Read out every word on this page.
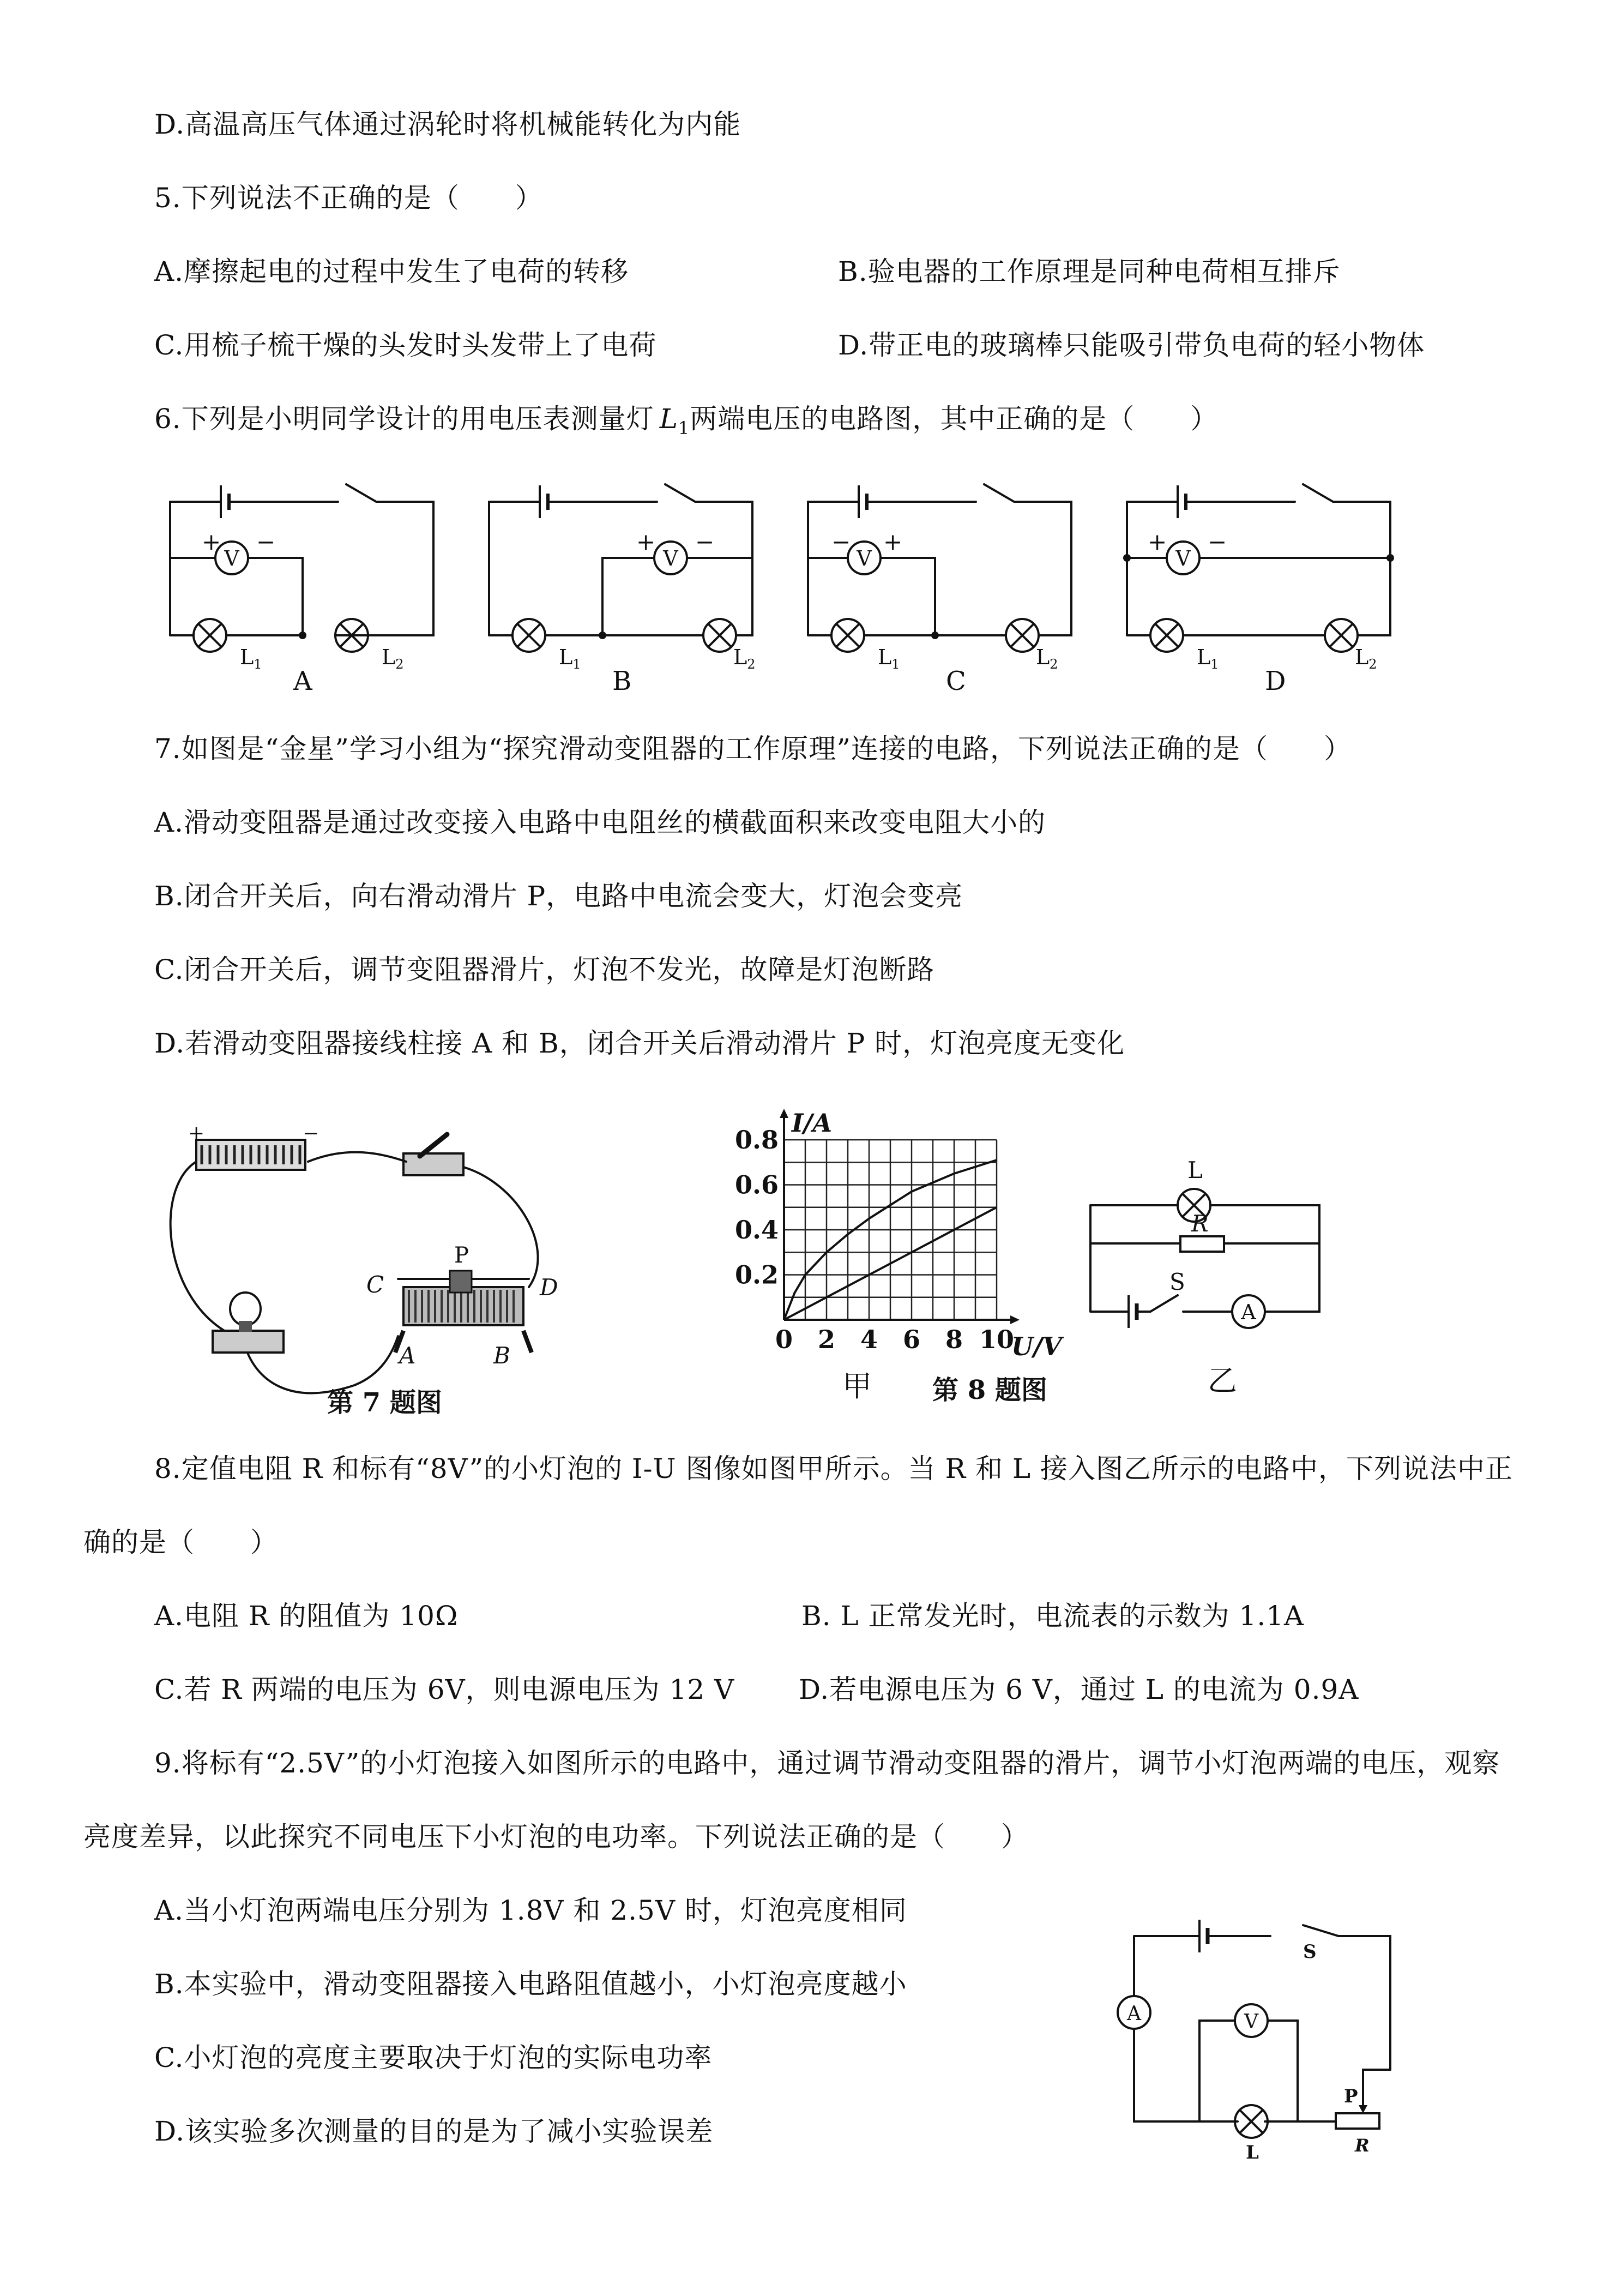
D.高温高压气体通过涡轮时将机械能转化为内能
5.下列说法不正确的是（　　）
A.摩擦起电的过程中发生了电荷的转移	B.验电器的工作原理是同种电荷相互排斥
C.用梳子梳干燥的头发时头发带上了电荷	D.带正电的玻璃棒只能吸引带负电荷的轻小物体
6.下列是小明同学设计的用电压表测量灯 $L_1$两端电压的电路图，其中正确的是（　　）
V
+ −
$L_1$	$L_2$
A
V
+ −
$L_1$	$L_2$
B
V
+
−
$L_1$	$L_2$
C
V
+ −
$L_1$	$L_2$
D
7.如图是“金星”学习小组为“探究滑动变阻器的工作原理”连接的电路，下列说法正确的是（　　）
A.滑动变阻器是通过改变接入电路中电阻丝的横截面积来改变电阻大小的
B.闭合开关后，向右滑动滑片 P，电路中电流会变大，灯泡会变亮
C.闭合开关后，调节变阻器滑片，灯泡不发光，故障是灯泡断路
D.若滑动变阻器接线柱接 A 和 B，闭合开关后滑动滑片 P 时，灯泡亮度无变化
+	−
P
C	D
A	B
第 7 题图
0 2 4 6 8 10
0.2
0.4
0.6
0.8
I/A
U/V
甲 第 8 题图
A
L
R
S
乙
8.定值电阻 R 和标有“8V”的小灯泡的 I-U 图像如图甲所示。当 R 和 L 接入图乙所示的电路中，下列说法中正
确的是（　　）
A.电阻 R 的阻值为 10Ω	B. L 正常发光时，电流表的示数为 1.1A
C.若 R 两端的电压为 6V，则电源电压为 12 V D.若电源电压为 6 V，通过 L 的电流为 0.9A
9.将标有“2.5V”的小灯泡接入如图所示的电路中，通过调节滑动变阻器的滑片，调节小灯泡两端的电压，观察
亮度差异，以此探究不同电压下小灯泡的电功率。下列说法正确的是（　　）
A.当小灯泡两端电压分别为 1.8V 和 2.5V 时，灯泡亮度相同
B.本实验中，滑动变阻器接入电路阻值越小，小灯泡亮度越小
C.小灯泡的亮度主要取决于灯泡的实际电功率
D.该实验多次测量的目的是为了减小实验误差
A	V
S
P
R
L
